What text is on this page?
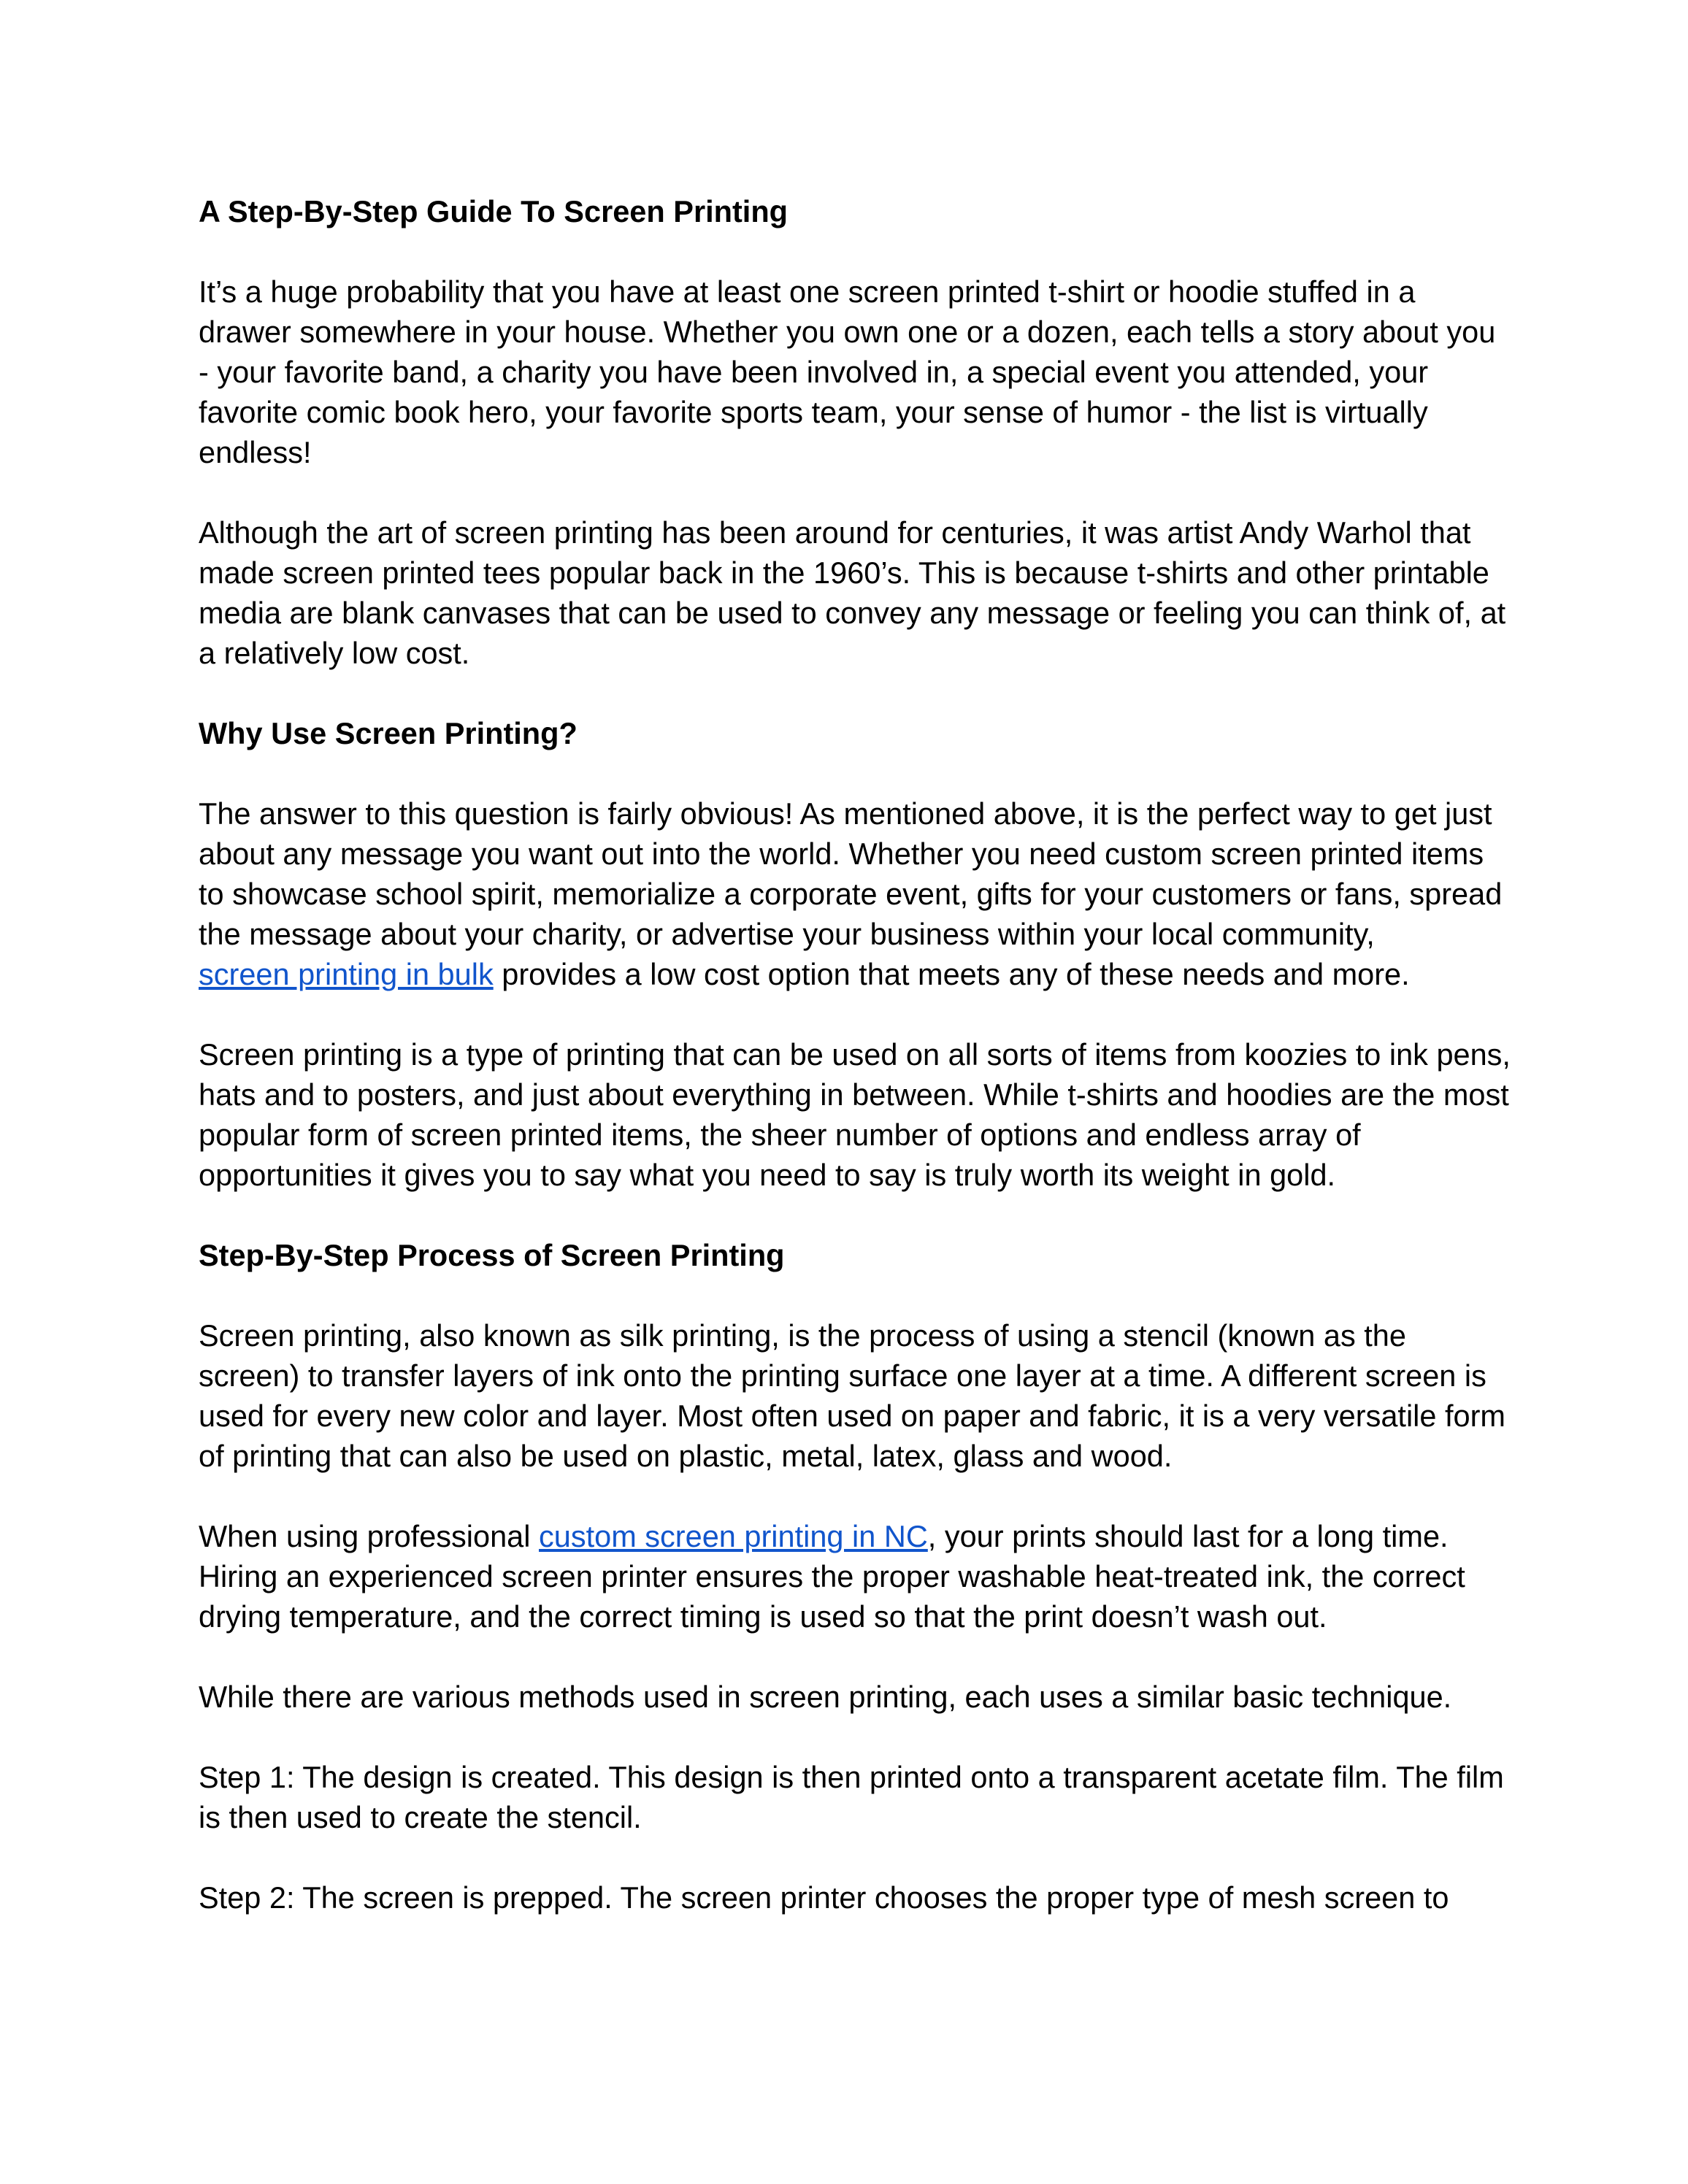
A Step-By-Step Guide To Screen Printing
It’s a huge probability that you have at least one screen printed t-shirt or hoodie stuffed in a drawer somewhere in your house. Whether you own one or a dozen, each tells a story about you - your favorite band, a charity you have been involved in, a special event you attended, your favorite comic book hero, your favorite sports team, your sense of humor - the list is virtually endless!
Although the art of screen printing has been around for centuries, it was artist Andy Warhol that made screen printed tees popular back in the 1960’s. This is because t-shirts and other printable media are blank canvases that can be used to convey any message or feeling you can think of, at a relatively low cost.
Why Use Screen Printing?
The answer to this question is fairly obvious! As mentioned above, it is the perfect way to get just about any message you want out into the world. Whether you need custom screen printed items to showcase school spirit, memorialize a corporate event, gifts for your customers or fans, spread the message about your charity, or advertise your business within your local community,
screen printing in bulk provides a low cost option that meets any of these needs and more.
Screen printing is a type of printing that can be used on all sorts of items from koozies to ink pens, hats and to posters, and just about everything in between. While t-shirts and hoodies are the most popular form of screen printed items, the sheer number of options and endless array of opportunities it gives you to say what you need to say is truly worth its weight in gold.
Step-By-Step Process of Screen Printing
Screen printing, also known as silk printing, is the process of using a stencil (known as the screen) to transfer layers of ink onto the printing surface one layer at a time. A different screen is used for every new color and layer. Most often used on paper and fabric, it is a very versatile form of printing that can also be used on plastic, metal, latex, glass and wood.
When using professional custom screen printing in NC, your prints should last for a long time. Hiring an experienced screen printer ensures the proper washable heat-treated ink, the correct drying temperature, and the correct timing is used so that the print doesn’t wash out.
While there are various methods used in screen printing, each uses a similar basic technique.
Step 1: The design is created. This design is then printed onto a transparent acetate film. The film is then used to create the stencil.
Step 2: The screen is prepped. The screen printer chooses the proper type of mesh screen to
